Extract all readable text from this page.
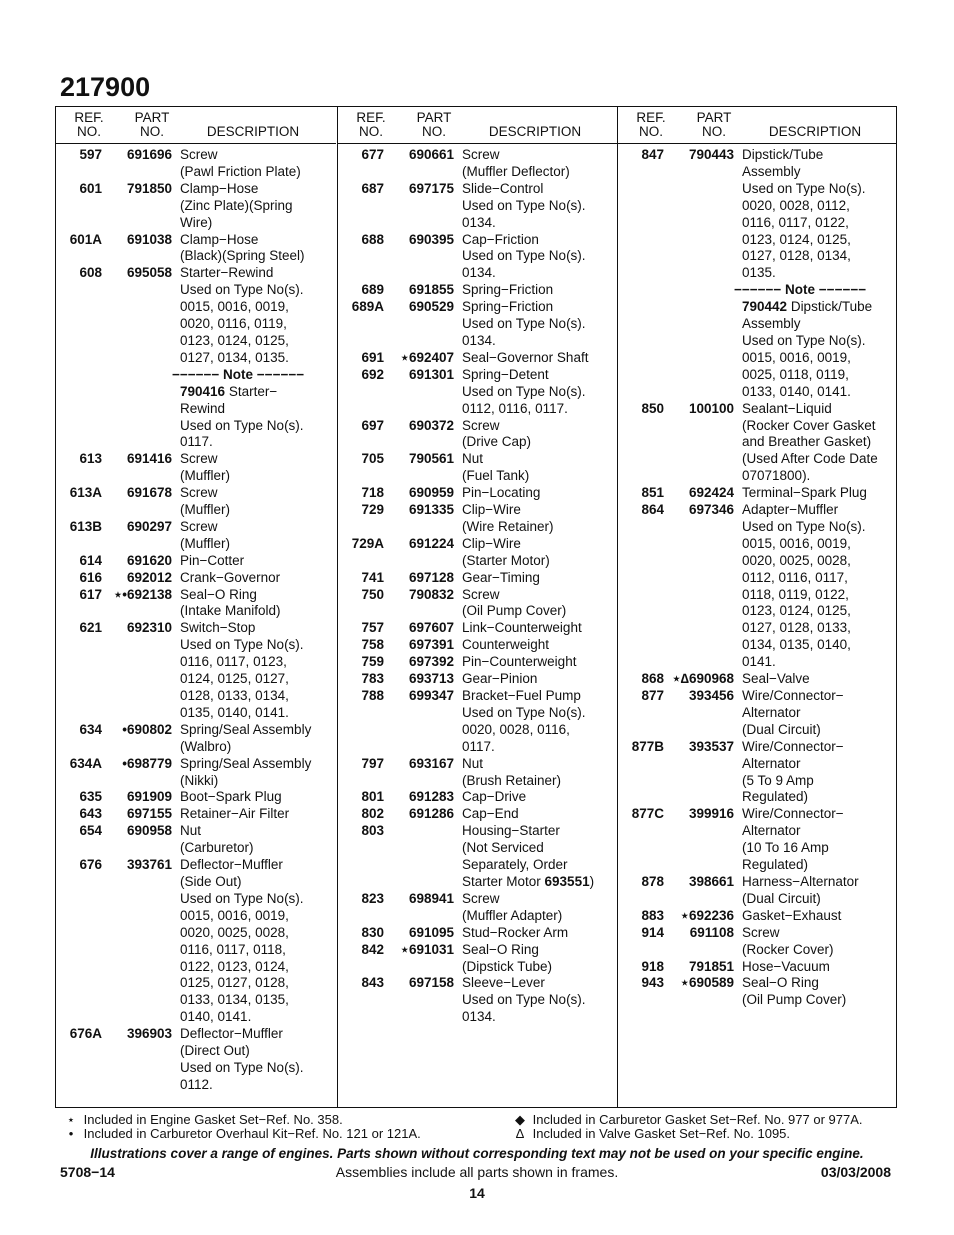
217900
REF.
NO.
PART
NO.	DESCRIPTION
597	691696 Screw
(Pawl Friction Plate)
601	791850 Clamp−Hose
(Zinc Plate)(Spring
Wire)
601A	691038 Clamp−Hose
(Black)(Spring Steel)
608	695058 Starter−Rewind
Used on Type No(s).
0015, 0016, 0019,
0020, 0116, 0119,
0123, 0124, 0125,
0127, 0134, 0135.
−−−−−− Note −−−−−−
790416 Starter−
Rewind
Used on Type No(s).
0117.
613	691416 Screw
(Muffler)
613A	691678 Screw
(Muffler)
613B	690297 Screw
(Muffler)
614	691620 Pin−Cotter
616	692012 Crank−Governor
617 ⋆•692138 Seal−O Ring
(Intake Manifold)
621	692310 Switch−Stop
Used on Type No(s).
0116, 0117, 0123,
0124, 0125, 0127,
0128, 0133, 0134,
0135, 0140, 0141.
634	•690802 Spring/Seal Assembly
(Walbro)
634A	•698779 Spring/Seal Assembly
(Nikki)
635	691909 Boot−Spark Plug
643	697155 Retainer−Air Filter
654	690958 Nut
(Carburetor)
676	393761 Deflector−Muffler
(Side Out)
Used on Type No(s).
0015, 0016, 0019,
0020, 0025, 0028,
0116, 0117, 0118,
0122, 0123, 0124,
0125, 0127, 0128,
0133, 0134, 0135,
0140, 0141.
676A	396903 Deflector−Muffler
(Direct Out)
Used on Type No(s).
0112.
REF.
NO.
PART
NO.	DESCRIPTION
677	690661 Screw
(Muffler Deflector)
687	697175 Slide−Control
Used on Type No(s).
0134.
688	690395 Cap−Friction
Used on Type No(s).
0134.
689	691855 Spring−Friction
689A	690529 Spring−Friction
Used on Type No(s).
0134.
691	⋆692407 Seal−Governor Shaft
692	691301 Spring−Detent
Used on Type No(s).
0112, 0116, 0117.
697	690372 Screw
(Drive Cap)
705	790561 Nut
(Fuel Tank)
718	690959 Pin−Locating
729	691335 Clip−Wire
(Wire Retainer)
729A	691224 Clip−Wire
(Starter Motor)
741	697128 Gear−Timing
750	790832 Screw
(Oil Pump Cover)
757	697607 Link−Counterweight
758	697391 Counterweight
759	697392 Pin−Counterweight
783	693713 Gear−Pinion
788	699347 Bracket−Fuel Pump
Used on Type No(s).
0020, 0028, 0116,
0117.
797	693167 Nut
(Brush Retainer)
801	691283 Cap−Drive
802	691286 Cap−End
803	Housing−Starter
(Not Serviced
Separately, Order
Starter Motor 693551)
823	698941 Screw
(Muffler Adapter)
830	691095 Stud−Rocker Arm
842	⋆691031 Seal−O Ring
(Dipstick Tube)
843	697158 Sleeve−Lever
Used on Type No(s).
0134.
REF.
NO.
PART
NO.	DESCRIPTION
847	790443 Dipstick/Tube
Assembly
Used on Type No(s).
0020, 0028, 0112,
0116, 0117, 0122,
0123, 0124, 0125,
0127, 0128, 0134,
0135.
−−−−−− Note −−−−−−
790442 Dipstick/Tube
Assembly
Used on Type No(s).
0015, 0016, 0019,
0025, 0118, 0119,
0133, 0140, 0141.
850	100100 Sealant−Liquid
(Rocker Cover Gasket
and Breather Gasket)
(Used After Code Date
07071800).
851	692424 Terminal−Spark Plug
864	697346 Adapter−Muffler
Used on Type No(s).
0015, 0016, 0019,
0020, 0025, 0028,
0112, 0116, 0117,
0118, 0119, 0122,
0123, 0124, 0125,
0127, 0128, 0133,
0134, 0135, 0140,
0141.
868 ⋆∆690968 Seal−Valve
877	393456 Wire/Connector−
Alternator
(Dual Circuit)
877B	393537 Wire/Connector−
Alternator
(5 To 9 Amp
Regulated)
877C	399916 Wire/Connector−
Alternator
(10 To 16 Amp
Regulated)
878	398661 Harness−Alternator
(Dual Circuit)
883	⋆692236 Gasket−Exhaust
914	691108 Screw
(Rocker Cover)
918	791851 Hose−Vacuum
943	⋆690589 Seal−O Ring
(Oil Pump Cover)
⋆ Included in Engine Gasket Set−Ref. No. 358.
• Included in Carburetor Overhaul Kit−Ref. No. 121 or 121A.
◆ Included in Carburetor Gasket Set−Ref. No. 977 or 977A.
∆ Included in Valve Gasket Set−Ref. No. 1095.
Illustrations cover a range of engines. Parts shown without corresponding text may not be used on your specific engine.
5708−14	Assemblies include all parts shown in frames.	03/03/2008
14
